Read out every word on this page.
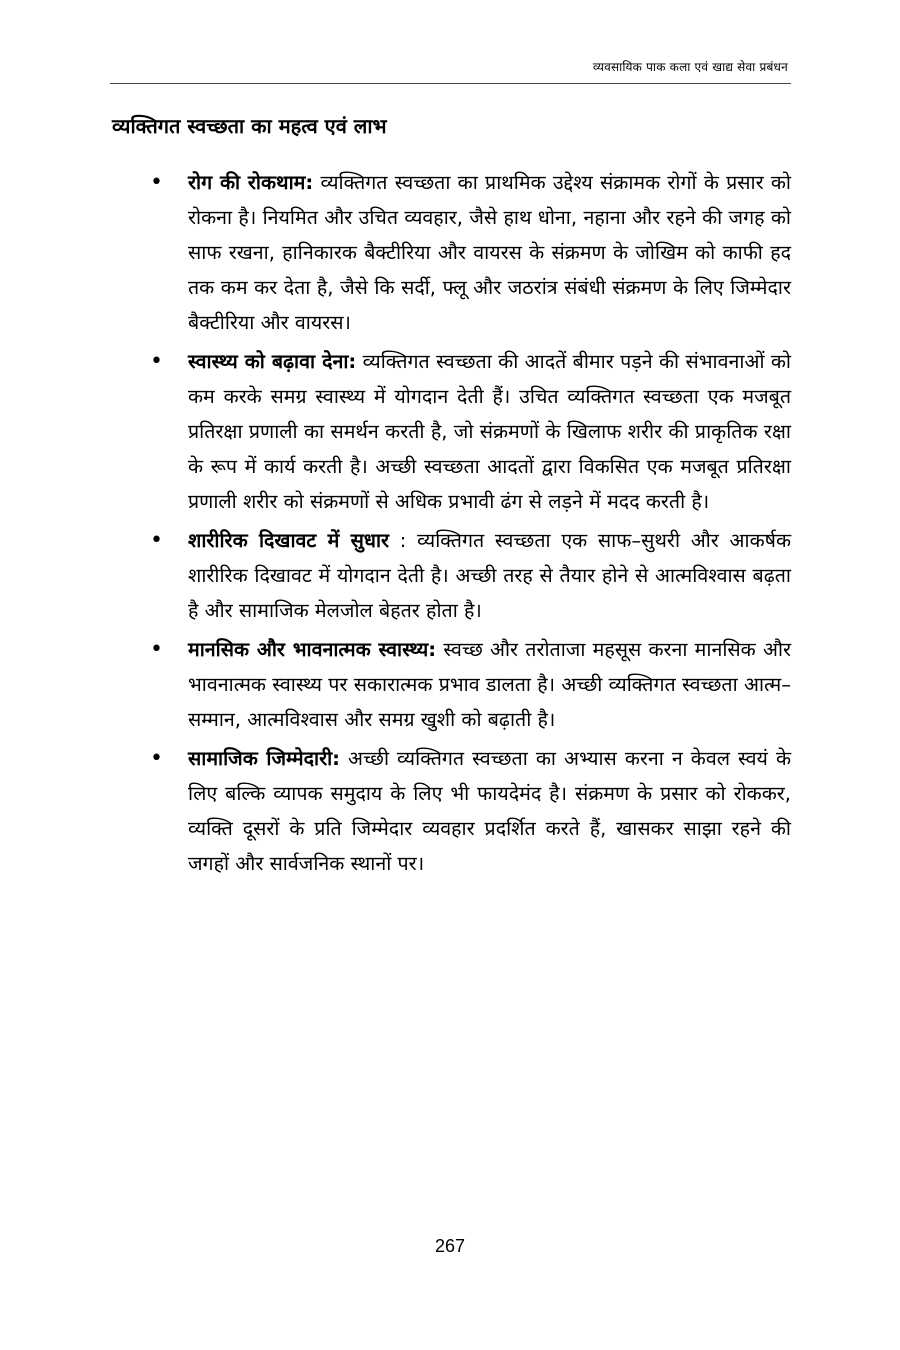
व्यवसायिक पाक कला एवं खाद्य सेवा प्रबंधन
व्यक्तिगत स्वच्छता का महत्व एवं लाभ
• रोग की रोकथाम: व्यक्तिगत स्वच्छता का प्राथमिक उद्देश्य संक्रामक रोगों के प्रसार को रोकना है। नियमित और उचित व्यवहार, जैसे हाथ धोना, नहाना और रहने की जगह को साफ रखना, हानिकारक बैक्टीरिया और वायरस के संक्रमण के जोखिम को काफी हद तक कम कर देता है, जैसे कि सर्दी, फ्लू और जठरांत्र संबंधी संक्रमण के लिए जिम्मेदार बैक्टीरिया और वायरस।

• स्वास्थ्य को बढ़ावा देना: व्यक्तिगत स्वच्छता की आदतें बीमार पड़ने की संभावनाओं को कम करके समग्र स्वास्थ्य में योगदान देती हैं। उचित व्यक्तिगत स्वच्छता एक मजबूत प्रतिरक्षा प्रणाली का समर्थन करती है, जो संक्रमणों के खिलाफ शरीर की प्राकृतिक रक्षा के रूप में कार्य करती है। अच्छी स्वच्छता आदतों द्वारा विकसित एक मजबूत प्रतिरक्षा प्रणाली शरीर को संक्रमणों से अधिक प्रभावी ढंग से लड़ने में मदद करती है।

• शारीरिक दिखावट में सुधार : व्यक्तिगत स्वच्छता एक साफ–सुथरी और आकर्षक शारीरिक दिखावट में योगदान देती है। अच्छी तरह से तैयार होने से आत्मविश्वास बढ़ता है और सामाजिक मेलजोल बेहतर होता है।

• मानसिक और भावनात्मक स्वास्थ्य: स्वच्छ और तरोताजा महसूस करना मानसिक और भावनात्मक स्वास्थ्य पर सकारात्मक प्रभाव डालता है। अच्छी व्यक्तिगत स्वच्छता आत्म–सम्मान, आत्मविश्वास और समग्र खुशी को बढ़ाती है।

• सामाजिक जिम्मेदारी: अच्छी व्यक्तिगत स्वच्छता का अभ्यास करना न केवल स्वयं के लिए बल्कि व्यापक समुदाय के लिए भी फायदेमंद है। संक्रमण के प्रसार को रोककर, व्यक्ति दूसरों के प्रति जिम्मेदार व्यवहार प्रदर्शित करते हैं, खासकर साझा रहने की जगहों और सार्वजनिक स्थानों पर।

267
